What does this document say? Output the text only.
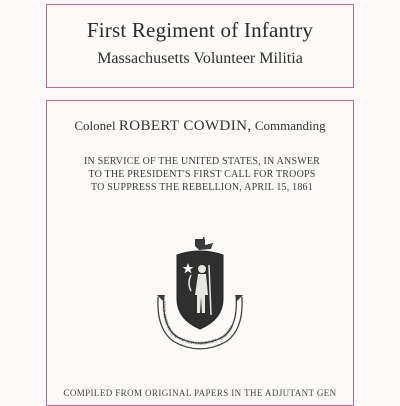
First Regiment of Infantry
Massachusetts Volunteer Militia
Colonel ROBERT COWDIN, Commanding
IN SERVICE OF THE UNITED STATES, IN ANSWER
TO THE PRESIDENT'S FIRST CALL FOR TROOPS
TO SUPPRESS THE REBELLION, APRIL 15, 1861
ENSE PETIT PLACIDAM SUB LIBERTATE QUIETEM
COMPILED FROM ORIGINAL PAPERS IN THE ADJUTANT GEN
